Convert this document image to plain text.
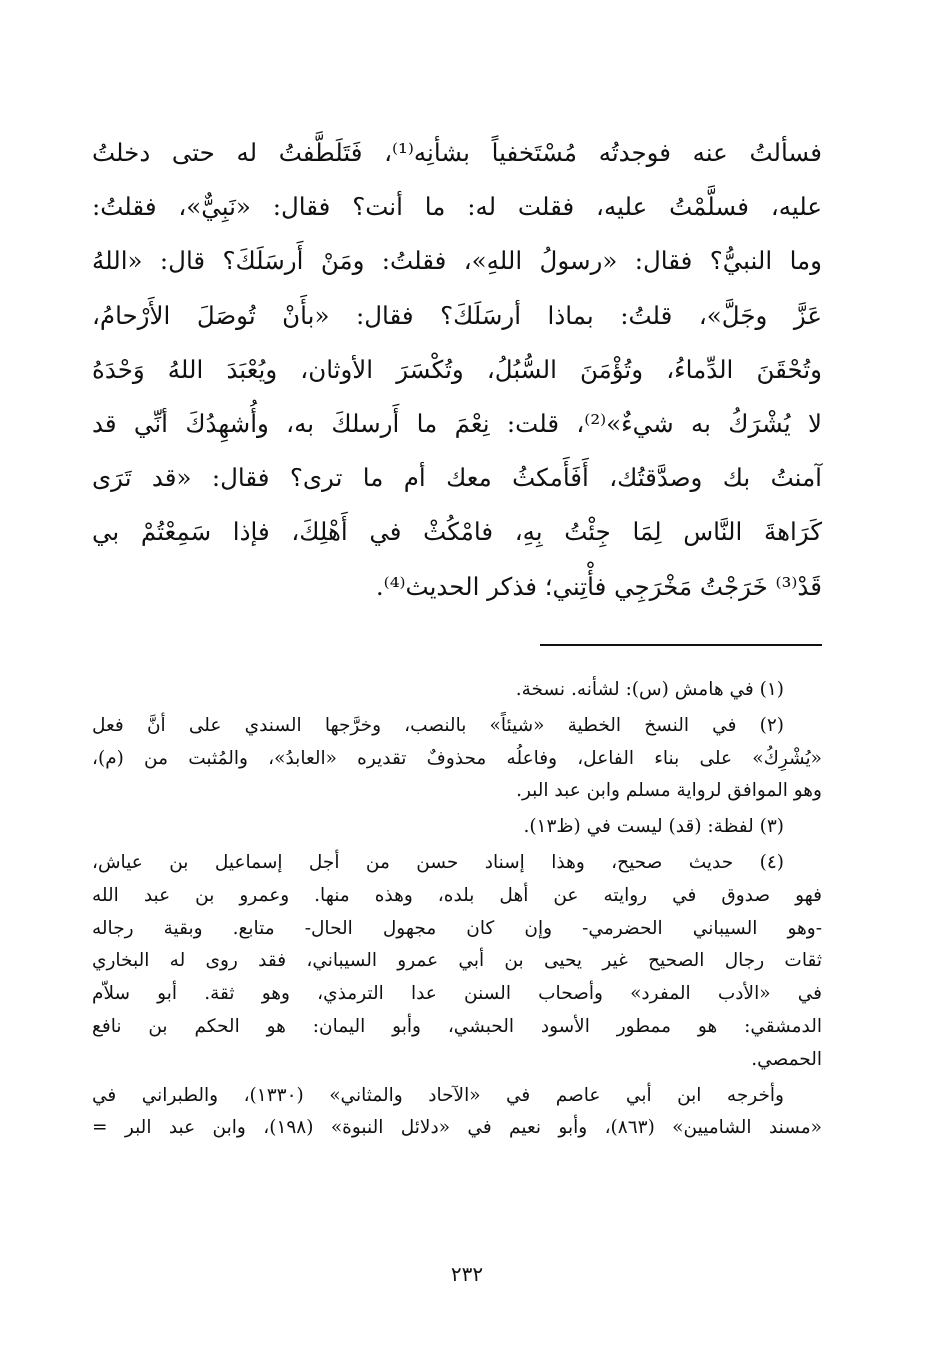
فسألتُ عنه فوجدتُه مُسْتَخفياً بشأنِه⁽¹⁾، فَتَلَطَّفتُ له حتى دخلتُ
عليه، فسلَّمْتُ عليه، فقلت له: ما أنت؟ فقال: «نَبِيٌّ»، فقلتُ:
وما النبيُّ؟ فقال: «رسولُ اللهِ»، فقلتُ: ومَنْ أَرسَلَكَ؟ قال: «اللهُ
عَزَّ وجَلَّ»، قلتُ: بماذا أرسَلَكَ؟ فقال: «بأَنْ تُوصَلَ الأَرْحامُ،
وتُحْقَنَ الدِّماءُ، وتُؤْمَنَ السُّبُلُ، وتُكْسَرَ الأوثان، ويُعْبَدَ اللهُ وَحْدَهُ
لا يُشْرَكُ به شيءٌ»⁽²⁾، قلت: نِعْمَ ما أَرسلكَ به، وأُشهِدُكَ أنِّي قد
آمنتُ بك وصدَّقتُك، أَفَأَمكثُ معك أم ما ترى؟ فقال: «قد تَرَى
كَرَاهةَ النَّاس لِمَا جِئْتُ بِهِ، فامْكُثْ في أَهْلِكَ، فإذا سَمِعْتُمْ بي
قَدْ⁽³⁾ خَرَجْتُ مَخْرَجِي فأْتِني؛ فذكر الحديث⁽⁴⁾.
(١) في هامش (س): لشأنه. نسخة.
(٢) في النسخ الخطية «شيئاً» بالنصب، وخرَّجها السندي على أنَّ فعل
«يُشْرِكُ» على بناء الفاعل، وفاعلُه محذوفٌ تقديره «العابدُ»، والمُثبت من (م)،
وهو الموافق لرواية مسلم وابن عبد البر.
(٣) لفظة: (قد) ليست في (ظ١٣).
(٤) حديث صحيح، وهذا إسناد حسن من أجل إسماعيل بن عياش،
فهو صدوق في روايته عن أهل بلده، وهذه منها. وعمرو بن عبد الله
-وهو السيباني الحضرمي- وإن كان مجهول الحال- متابع. وبقية رجاله
ثقات رجال الصحيح غير يحيى بن أبي عمرو السيباني، فقد روى له البخاري
في «الأدب المفرد» وأصحاب السنن عدا الترمذي، وهو ثقة. أبو سلاّم
الدمشقي: هو ممطور الأسود الحبشي، وأبو اليمان: هو الحكم بن نافع
الحمصي.
وأخرجه ابن أبي عاصم في «الآحاد والمثاني» (١٣٣٠)، والطبراني في
«مسند الشاميين» (٨٦٣)، وأبو نعيم في «دلائل النبوة» (١٩٨)، وابن عبد البر =
٢٣٢
